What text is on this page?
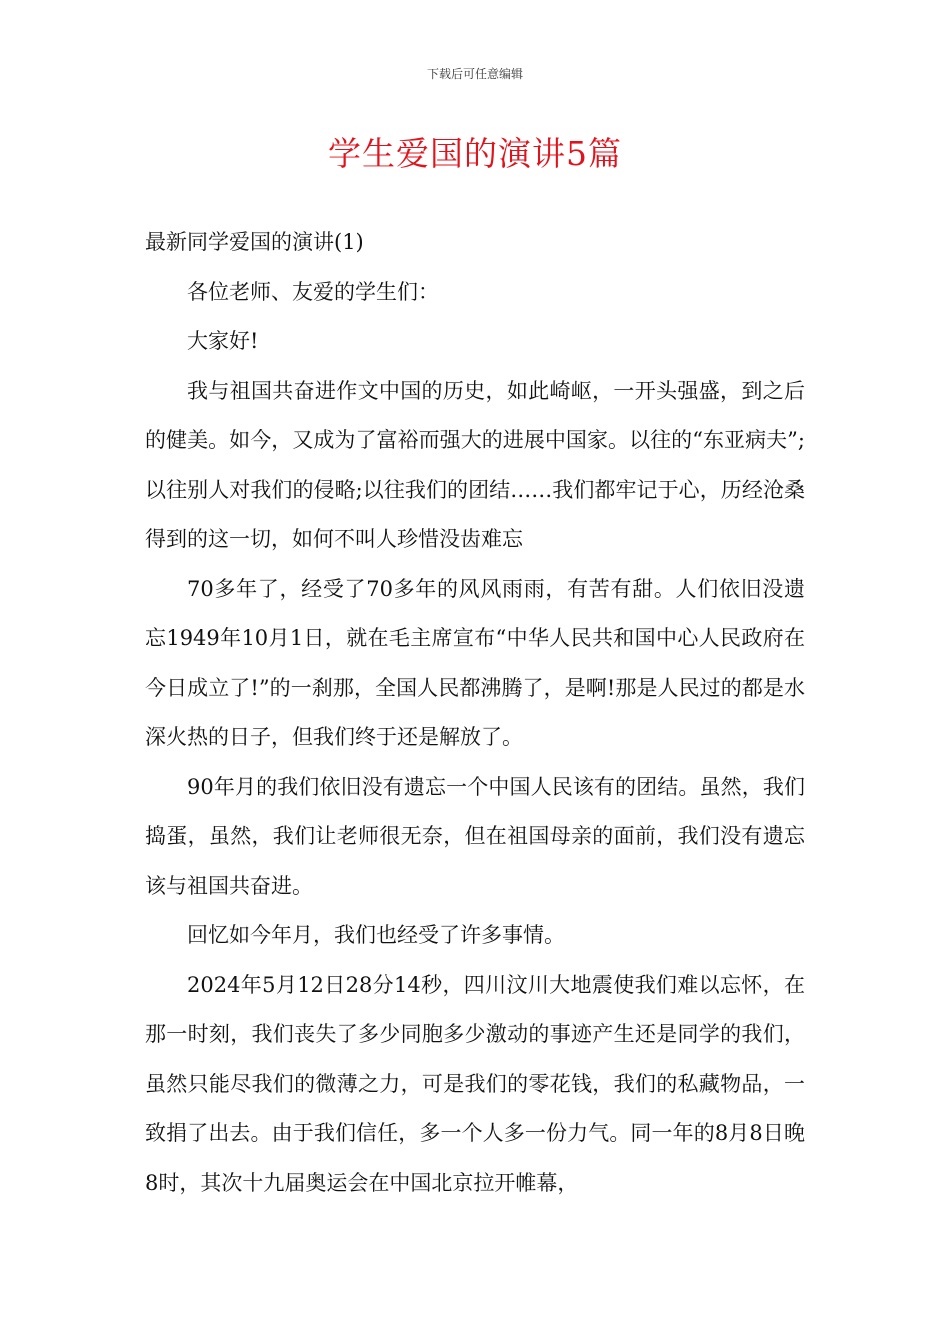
下载后可任意编辑
学生爱国的演讲5篇

最新同学爱国的演讲(1)

各位老师、友爱的学生们：

大家好!

我与祖国共奋进作文中国的历史，如此崎岖，一开头强盛，到之后的健美。如今，又成为了富裕而强大的进展中国家。以往的“东亚病夫”;以往别人对我们的侵略;以往我们的团结……我们都牢记于心，历经沧桑得到的这一切，如何不叫人珍惜没齿难忘

70多年了，经受了70多年的风风雨雨，有苦有甜。人们依旧没遗忘1949年10月1日，就在毛主席宣布“中华人民共和国中心人民政府在今日成立了!”的一刹那，全国人民都沸腾了，是啊!那是人民过的都是水深火热的日子，但我们终于还是解放了。

90年月的我们依旧没有遗忘一个中国人民该有的团结。虽然，我们捣蛋，虽然，我们让老师很无奈，但在祖国母亲的面前，我们没有遗忘该与祖国共奋进。

回忆如今年月，我们也经受了许多事情。

2024年5月12日28分14秒，四川汶川大地震使我们难以忘怀，在那一时刻，我们丧失了多少同胞多少激动的事迹产生还是同学的我们，虽然只能尽我们的微薄之力，可是我们的零花钱，我们的私藏物品，一致捐了出去。由于我们信任，多一个人多一份力气。同一年的8月8日晚8时，其次十九届奥运会在中国北京拉开帷幕，
